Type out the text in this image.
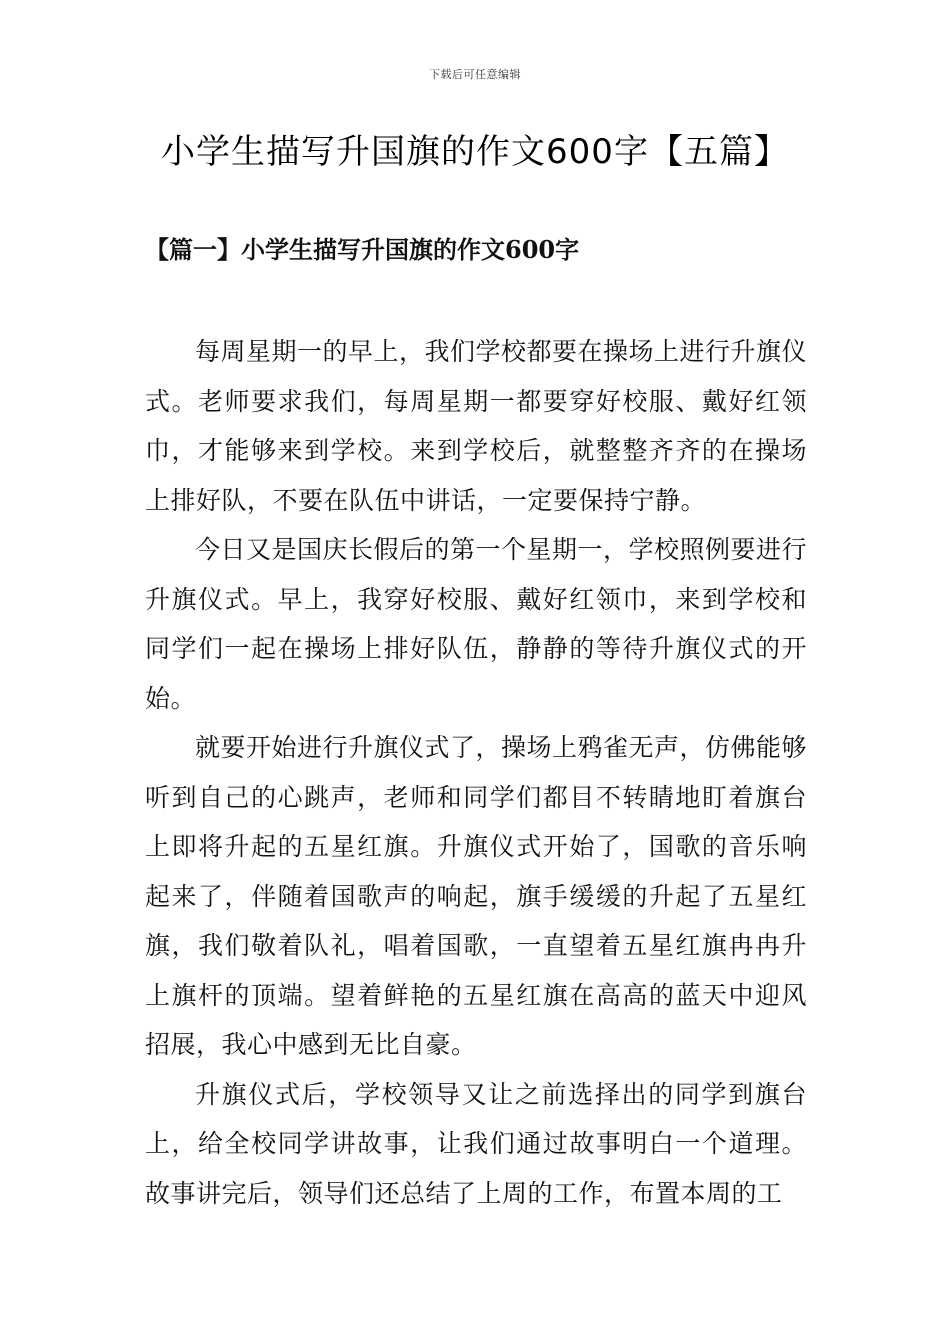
下载后可任意编辑
小学生描写升国旗的作文600字【五篇】
【篇一】小学生描写升国旗的作文600字

每周星期一的早上，我们学校都要在操场上进行升旗仪式。老师要求我们，每周星期一都要穿好校服、戴好红领巾，才能够来到学校。来到学校后，就整整齐齐的在操场上排好队，不要在队伍中讲话，一定要保持宁静。

今日又是国庆长假后的第一个星期一，学校照例要进行升旗仪式。早上，我穿好校服、戴好红领巾，来到学校和同学们一起在操场上排好队伍，静静的等待升旗仪式的开始。

就要开始进行升旗仪式了，操场上鸦雀无声，仿佛能够听到自己的心跳声，老师和同学们都目不转睛地盯着旗台上即将升起的五星红旗。升旗仪式开始了，国歌的音乐响起来了，伴随着国歌声的响起，旗手缓缓的升起了五星红旗，我们敬着队礼，唱着国歌，一直望着五星红旗冉冉升上旗杆的顶端。望着鲜艳的五星红旗在高高的蓝天中迎风招展，我心中感到无比自豪。

升旗仪式后，学校领导又让之前选择出的同学到旗台上，给全校同学讲故事，让我们通过故事明白一个道理。故事讲完后，领导们还总结了上周的工作，布置本周的工
